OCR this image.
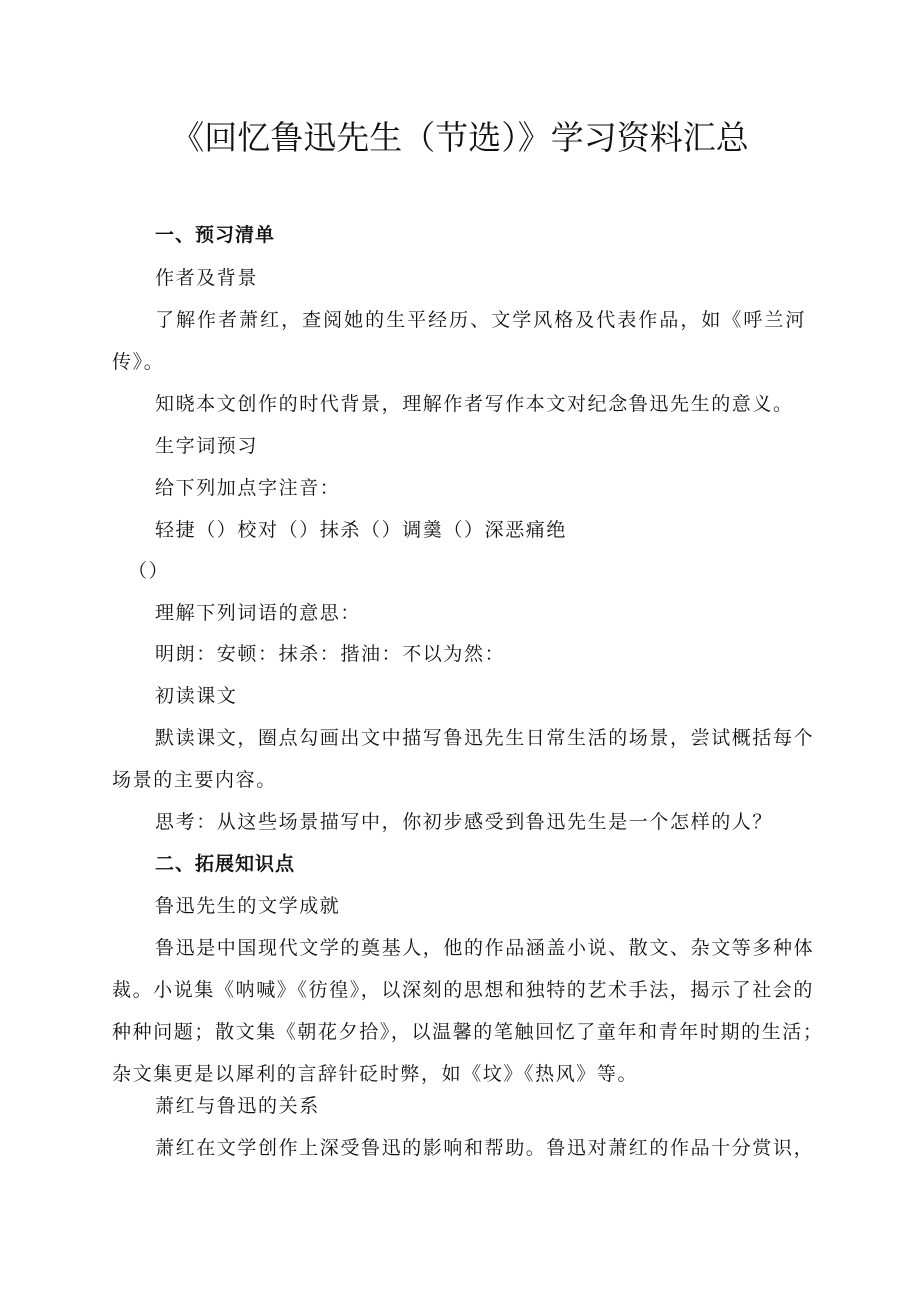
《回忆鲁迅先生（节选）》学习资料汇总
一、预习清单
作者及背景
了解作者萧红，查阅她的生平经历、文学风格及代表作品，如《呼兰河
传》。
知晓本文创作的时代背景，理解作者写作本文对纪念鲁迅先生的意义。
生字词预习
给下列加点字注音：
轻捷（）校对（）抹杀（）调羹（）深恶痛绝
（）
理解下列词语的意思：
明朗：安顿：抹杀：揩油：不以为然：
初读课文
默读课文，圈点勾画出文中描写鲁迅先生日常生活的场景，尝试概括每个
场景的主要内容。
思考：从这些场景描写中，你初步感受到鲁迅先生是一个怎样的人？
二、拓展知识点
鲁迅先生的文学成就
鲁迅是中国现代文学的奠基人，他的作品涵盖小说、散文、杂文等多种体
裁。小说集《呐喊》《彷徨》，以深刻的思想和独特的艺术手法，揭示了社会的
种种问题；散文集《朝花夕拾》，以温馨的笔触回忆了童年和青年时期的生活；
杂文集更是以犀利的言辞针砭时弊，如《坟》《热风》等。
萧红与鲁迅的关系
萧红在文学创作上深受鲁迅的影响和帮助。鲁迅对萧红的作品十分赏识，
